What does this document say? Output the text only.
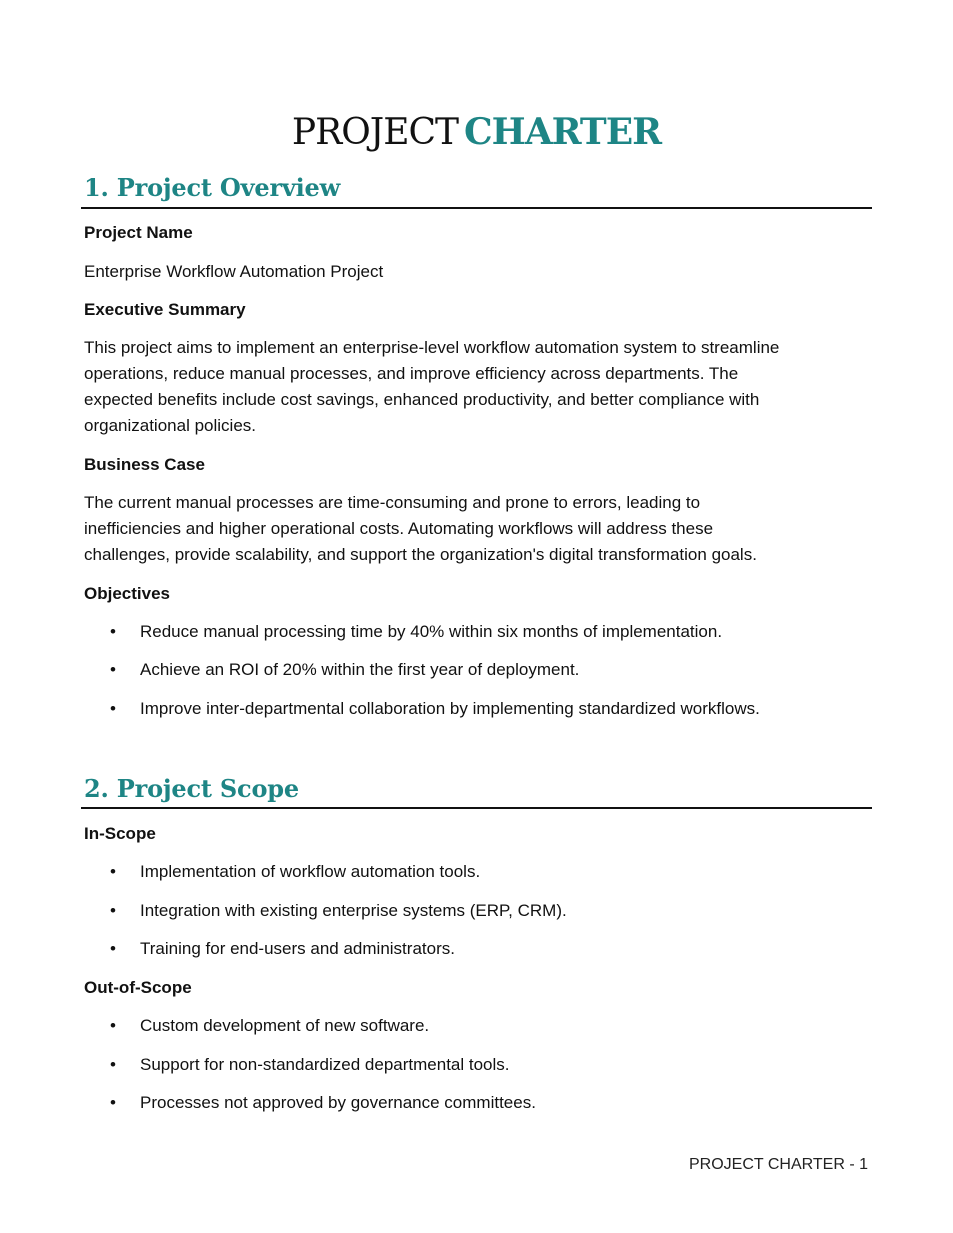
PROJECT CHARTER
1. Project Overview
Project Name
Enterprise Workflow Automation Project
Executive Summary
This project aims to implement an enterprise-level workflow automation system to streamline
operations, reduce manual processes, and improve efficiency across departments. The
expected benefits include cost savings, enhanced productivity, and better compliance with
organizational policies.
Business Case
The current manual processes are time-consuming and prone to errors, leading to
inefficiencies and higher operational costs. Automating workflows will address these
challenges, provide scalability, and support the organization's digital transformation goals.
Objectives
• Reduce manual processing time by 40% within six months of implementation.
• Achieve an ROI of 20% within the first year of deployment.
• Improve inter-departmental collaboration by implementing standardized workflows.
2. Project Scope
In-Scope
• Implementation of workflow automation tools.
• Integration with existing enterprise systems (ERP, CRM).
• Training for end-users and administrators.
Out-of-Scope
• Custom development of new software.
• Support for non-standardized departmental tools.
• Processes not approved by governance committees.
PROJECT CHARTER - 1
